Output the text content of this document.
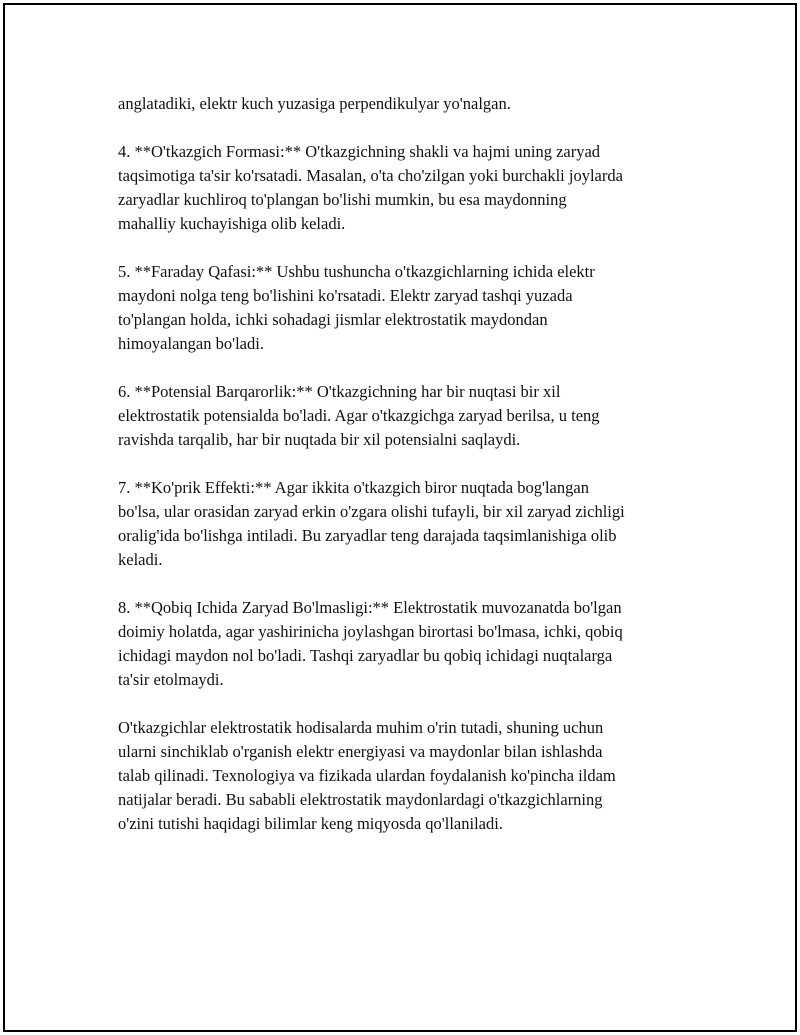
anglatadiki, elektr kuch yuzasiga perpendikulyar yo'nalgan.

4. **O'tkazgich Formasi:** O'tkazgichning shakli va hajmi uning zaryad
taqsimotiga ta'sir ko'rsatadi. Masalan, o'ta cho'zilgan yoki burchakli joylarda
zaryadlar kuchliroq to'plangan bo'lishi mumkin, bu esa maydonning
mahalliy kuchayishiga olib keladi.

5. **Faraday Qafasi:** Ushbu tushuncha o'tkazgichlarning ichida elektr
maydoni nolga teng bo'lishini ko'rsatadi. Elektr zaryad tashqi yuzada
to'plangan holda, ichki sohadagi jismlar elektrostatik maydondan
himoyalangan bo'ladi.

6. **Potensial Barqarorlik:** O'tkazgichning har bir nuqtasi bir xil
elektrostatik potensialda bo'ladi. Agar o'tkazgichga zaryad berilsa, u teng
ravishda tarqalib, har bir nuqtada bir xil potensialni saqlaydi.

7. **Ko'prik Effekti:** Agar ikkita o'tkazgich biror nuqtada bog'langan
bo'lsa, ular orasidan zaryad erkin o'zgara olishi tufayli, bir xil zaryad zichligi
oralig'ida bo'lishga intiladi. Bu zaryadlar teng darajada taqsimlanishiga olib
keladi.

8. **Qobiq Ichida Zaryad Bo'lmasligi:** Elektrostatik muvozanatda bo'lgan
doimiy holatda, agar yashirinicha joylashgan birortasi bo'lmasa, ichki, qobiq
ichidagi maydon nol bo'ladi. Tashqi zaryadlar bu qobiq ichidagi nuqtalarga
ta'sir etolmaydi.

O'tkazgichlar elektrostatik hodisalarda muhim o'rin tutadi, shuning uchun
ularni sinchiklab o'rganish elektr energiyasi va maydonlar bilan ishlashda
talab qilinadi. Texnologiya va fizikada ulardan foydalanish ko'pincha ildam
natijalar beradi. Bu sababli elektrostatik maydonlardagi o'tkazgichlarning
o'zini tutishi haqidagi bilimlar keng miqyosda qo'llaniladi.
